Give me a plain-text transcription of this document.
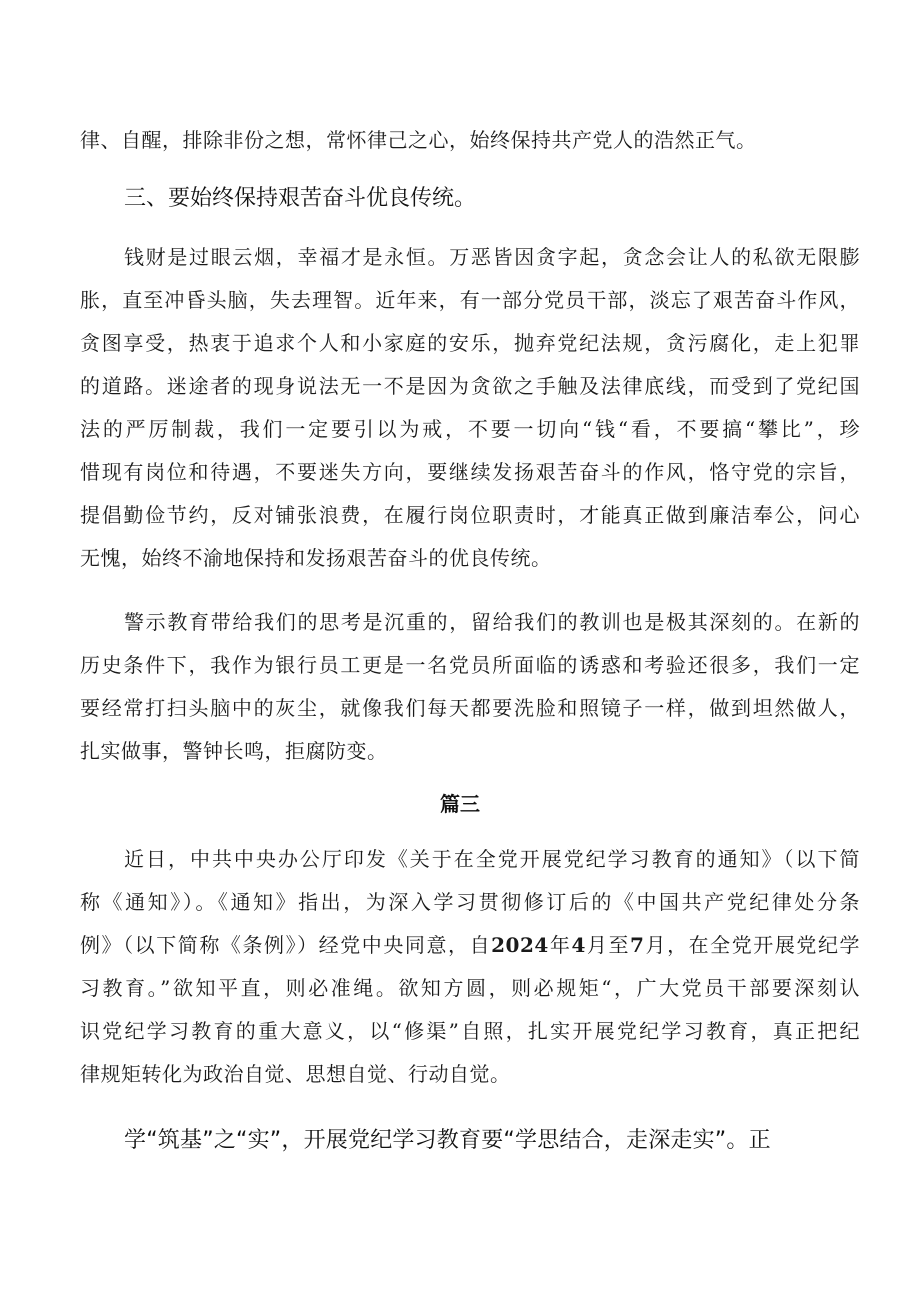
律、自醒，排除非份之想，常怀律己之心，始终保持共产党人的浩然正气。
三、要始终保持艰苦奋斗优良传统。
钱财是过眼云烟，幸福才是永恒。万恶皆因贪字起，贪念会让人的私欲无限膨
胀，直至冲昏头脑，失去理智。近年来，有一部分党员干部，淡忘了艰苦奋斗作风，
贪图享受，热衷于追求个人和小家庭的安乐，抛弃党纪法规，贪污腐化，走上犯罪
的道路。迷途者的现身说法无一不是因为贪欲之手触及法律底线，而受到了党纪国
法的严厉制裁，我们一定要引以为戒，不要一切向“钱“看，不要搞“攀比”，珍
惜现有岗位和待遇，不要迷失方向，要继续发扬艰苦奋斗的作风，恪守党的宗旨，
提倡勤俭节约，反对铺张浪费，在履行岗位职责时，才能真正做到廉洁奉公，问心
无愧，始终不渝地保持和发扬艰苦奋斗的优良传统。
警示教育带给我们的思考是沉重的，留给我们的教训也是极其深刻的。在新的
历史条件下，我作为银行员工更是一名党员所面临的诱惑和考验还很多，我们一定
要经常打扫头脑中的灰尘，就像我们每天都要洗脸和照镜子一样，做到坦然做人，
扎实做事，警钟长鸣，拒腐防变。
篇三
近日，中共中央办公厅印发《关于在全党开展党纪学习教育的通知》（以下简
称《通知》）。《通知》指出，为深入学习贯彻修订后的《中国共产党纪律处分条
例》（以下简称《条例》）经党中央同意，自2024年4月至7月，在全党开展党纪学
习教育。”欲知平直，则必准绳。欲知方圆，则必规矩“，广大党员干部要深刻认
识党纪学习教育的重大意义，以“修渠”自照，扎实开展党纪学习教育，真正把纪
律规矩转化为政治自觉、思想自觉、行动自觉。
学“筑基”之“实”，开展党纪学习教育要“学思结合，走深走实”。正
